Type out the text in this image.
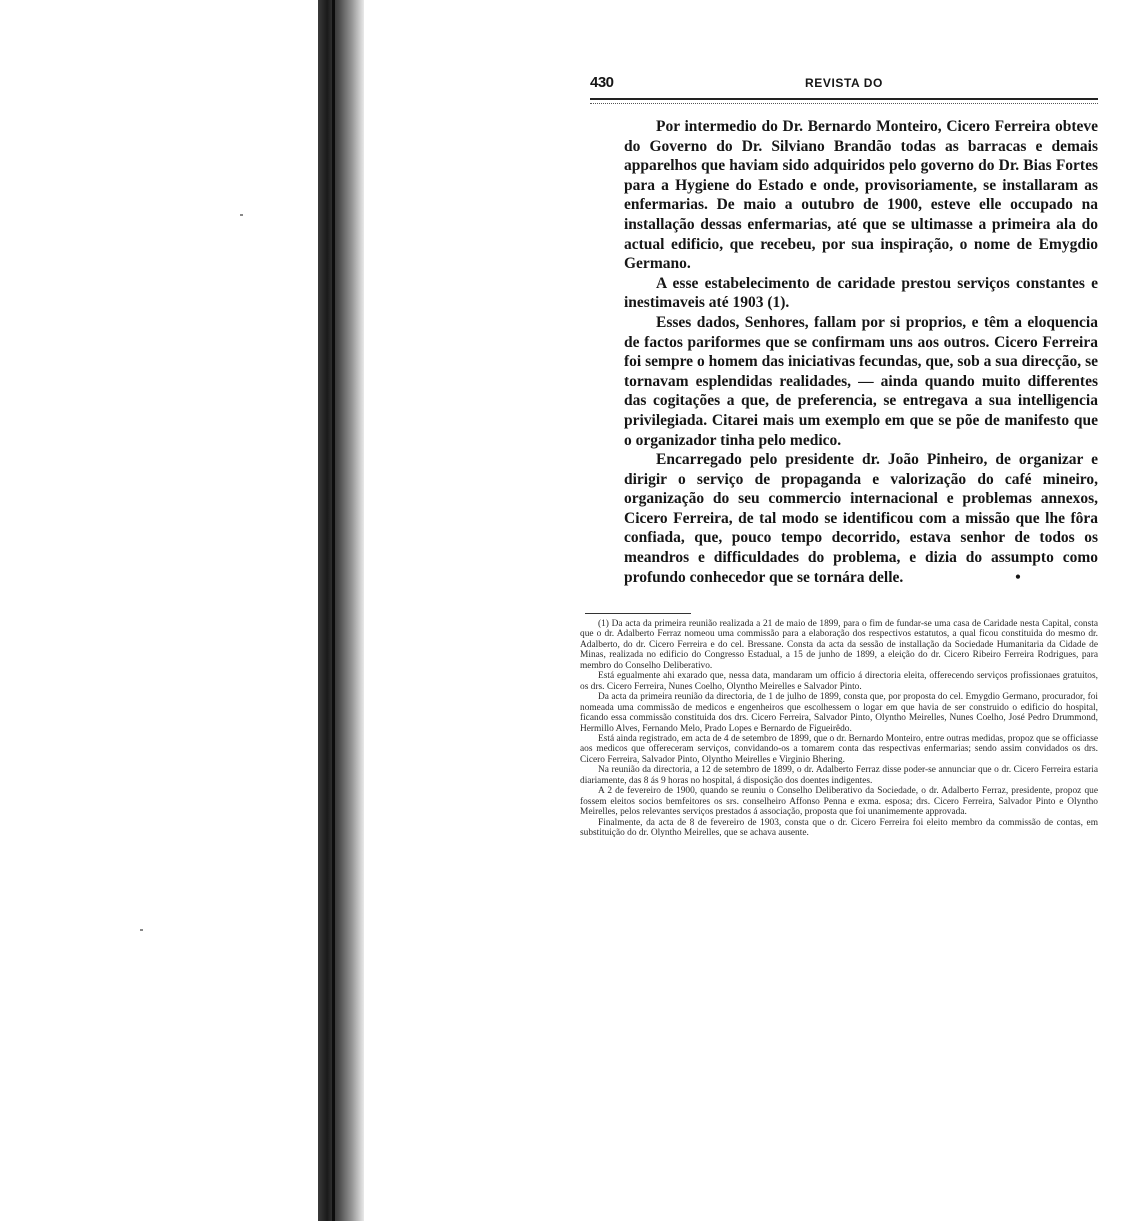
430	REVISTA DO

Por intermedio do Dr. Bernardo Monteiro, Cicero Ferreira obteve do Governo do Dr. Silviano Brandão todas as barracas e demais apparelhos que haviam sido adquiridos pelo governo do Dr. Bias Fortes para a Hygiene do Estado e onde, provisoriamente, se installaram as enfermarias. De maio a outubro de 1900, esteve elle occupado na installação dessas enfermarias, até que se ultimasse a primeira ala do actual edificio, que recebeu, por sua inspiração, o nome de Emygdio Germano.

A esse estabelecimento de caridade prestou serviços constantes e inestimaveis até 1903 (1).

Esses dados, Senhores, fallam por si proprios, e têm a eloquencia de factos pariformes que se confirmam uns aos outros. Cicero Ferreira foi sempre o homem das iniciativas fecundas, que, sob a sua direcção, se tornavam esplendidas realidades, — ainda quando muito differentes das cogitações a que, de preferencia, se entregava a sua intelligencia privilegiada. Citarei mais um exemplo em que se põe de manifesto que o organizador tinha pelo medico.

Encarregado pelo presidente dr. João Pinheiro, de organizar e dirigir o serviço de propaganda e valorização do café mineiro, organização do seu commercio internacional e problemas annexos, Cicero Ferreira, de tal modo se identificou com a missão que lhe fôra confiada, que, pouco tempo decorrido, estava senhor de todos os meandros e difficuldades do problema, e dizia do assumpto como profundo conhecedor que se tornára delle.	•

(1) Da acta da primeira reunião realizada a 21 de maio de 1899, para o fim de fundar-se uma casa de Caridade nesta Capital, consta que o dr. Adalberto Ferraz nomeou uma commissão para a elaboração dos respectivos estatutos, a qual ficou constituida do mesmo dr. Adalberto, do dr. Cicero Ferreira e do cel. Bressane. Consta da acta da sessão de installação da Sociedade Humanitaria da Cidade de Minas, realizada no edificio do Congresso Estadual, a 15 de junho de 1899, a eleição do dr. Cicero Ribeiro Ferreira Rodrigues, para membro do Conselho Deliberativo.

Está egualmente ahi exarado que, nessa data, mandaram um officio á directoria eleita, offerecendo serviços profissionaes gratuitos, os drs. Cicero Ferreira, Nunes Coelho, Olyntho Meirelles e Salvador Pinto.

Da acta da primeira reunião da directoria, de 1 de julho de 1899, consta que, por proposta do cel. Emygdio Germano, procurador, foi nomeada uma commissão de medicos e engenheiros que escolhessem o logar em que havia de ser construido o edificio do hospital, ficando essa commissão constituida dos drs. Cicero Ferreira, Salvador Pinto, Olyntho Meirelles, Nunes Coelho, José Pedro Drummond, Hermillo Alves, Fernando Melo, Prado Lopes e Bernardo de Figueirêdo.

Está ainda registrado, em acta de 4 de setembro de 1899, que o dr. Bernardo Monteiro, entre outras medidas, propoz que se officiasse aos medicos que offereceram serviços, convidando-os a tomarem conta das respectivas enfermarias; sendo assim convidados os drs. Cicero Ferreira, Salvador Pinto, Olyntho Meirelles e Virginio Bhering.

Na reunião da directoria, a 12 de setembro de 1899, o dr. Adalberto Ferraz disse poder-se annunciar que o dr. Cicero Ferreira estaria diariamente, das 8 ás 9 horas no hospital, á disposição dos doentes indigentes.

A 2 de fevereiro de 1900, quando se reuniu o Conselho Deliberativo da Sociedade, o dr. Adalberto Ferraz, presidente, propoz que fossem eleitos socios bemfeitores os srs. conselheiro Affonso Penna e exma. esposa; drs. Cicero Ferreira, Salvador Pinto e Olyntho Meirelles, pelos relevantes serviços prestados á associação, proposta que foi unanimemente approvada.

Finalmente, da acta de 8 de fevereiro de 1903, consta que o dr. Cicero Ferreira foi eleito membro da commissão de contas, em substituição do dr. Olyntho Meirelles, que se achava ausente.
